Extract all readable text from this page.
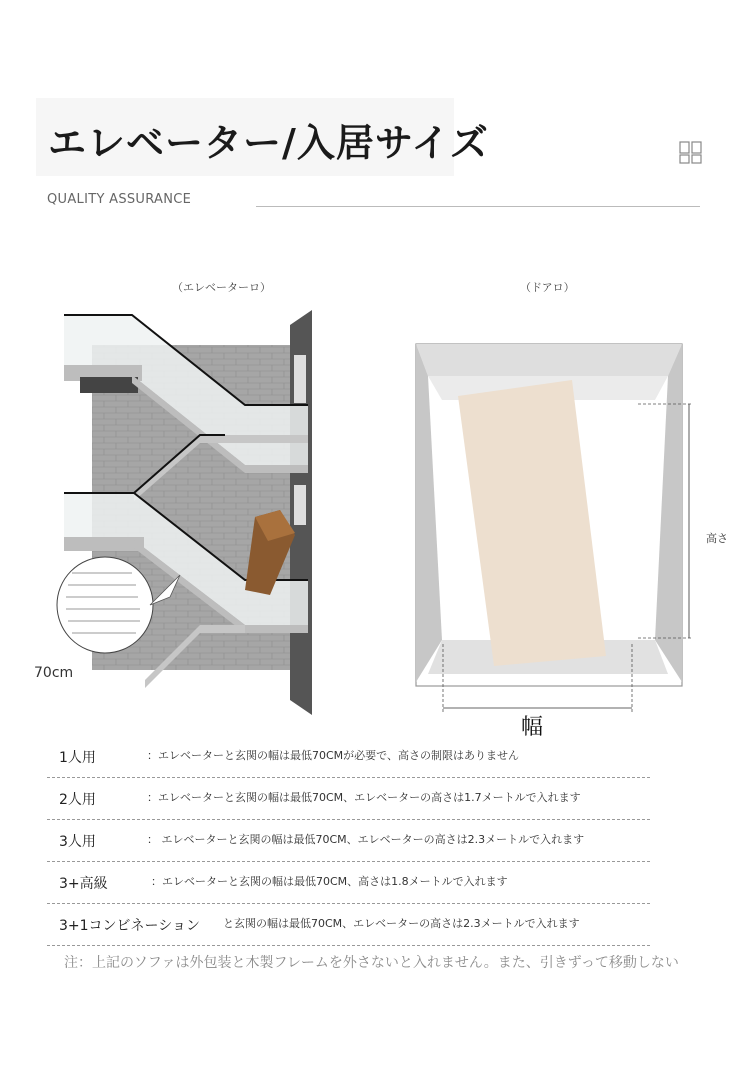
エレベーター/入居サイズ
QUALITY ASSURANCE
（エレベーターロ）	（ドアロ）
70cm
高さ
幅
1人用	：エレベーターと玄関の幅は最低70CMが必要で、高さの制限はありません
2人用	：エレベーターと玄関の幅は最低70CM、エレベーターの高さは1.7メートルで入れます
3人用	： エレベーターと玄関の幅は最低70CM、エレベーターの高さは2.3メートルで入れます
3+高級	：エレベーターと玄関の幅は最低70CM、高さは1.8メートルで入れます
3+1コンビネーション と玄関の幅は最低70CM、エレベーターの高さは2.3メートルで入れます
注：上記のソファは外包装と木製フレームを外さないと入れません。また、引きずって移動しない
